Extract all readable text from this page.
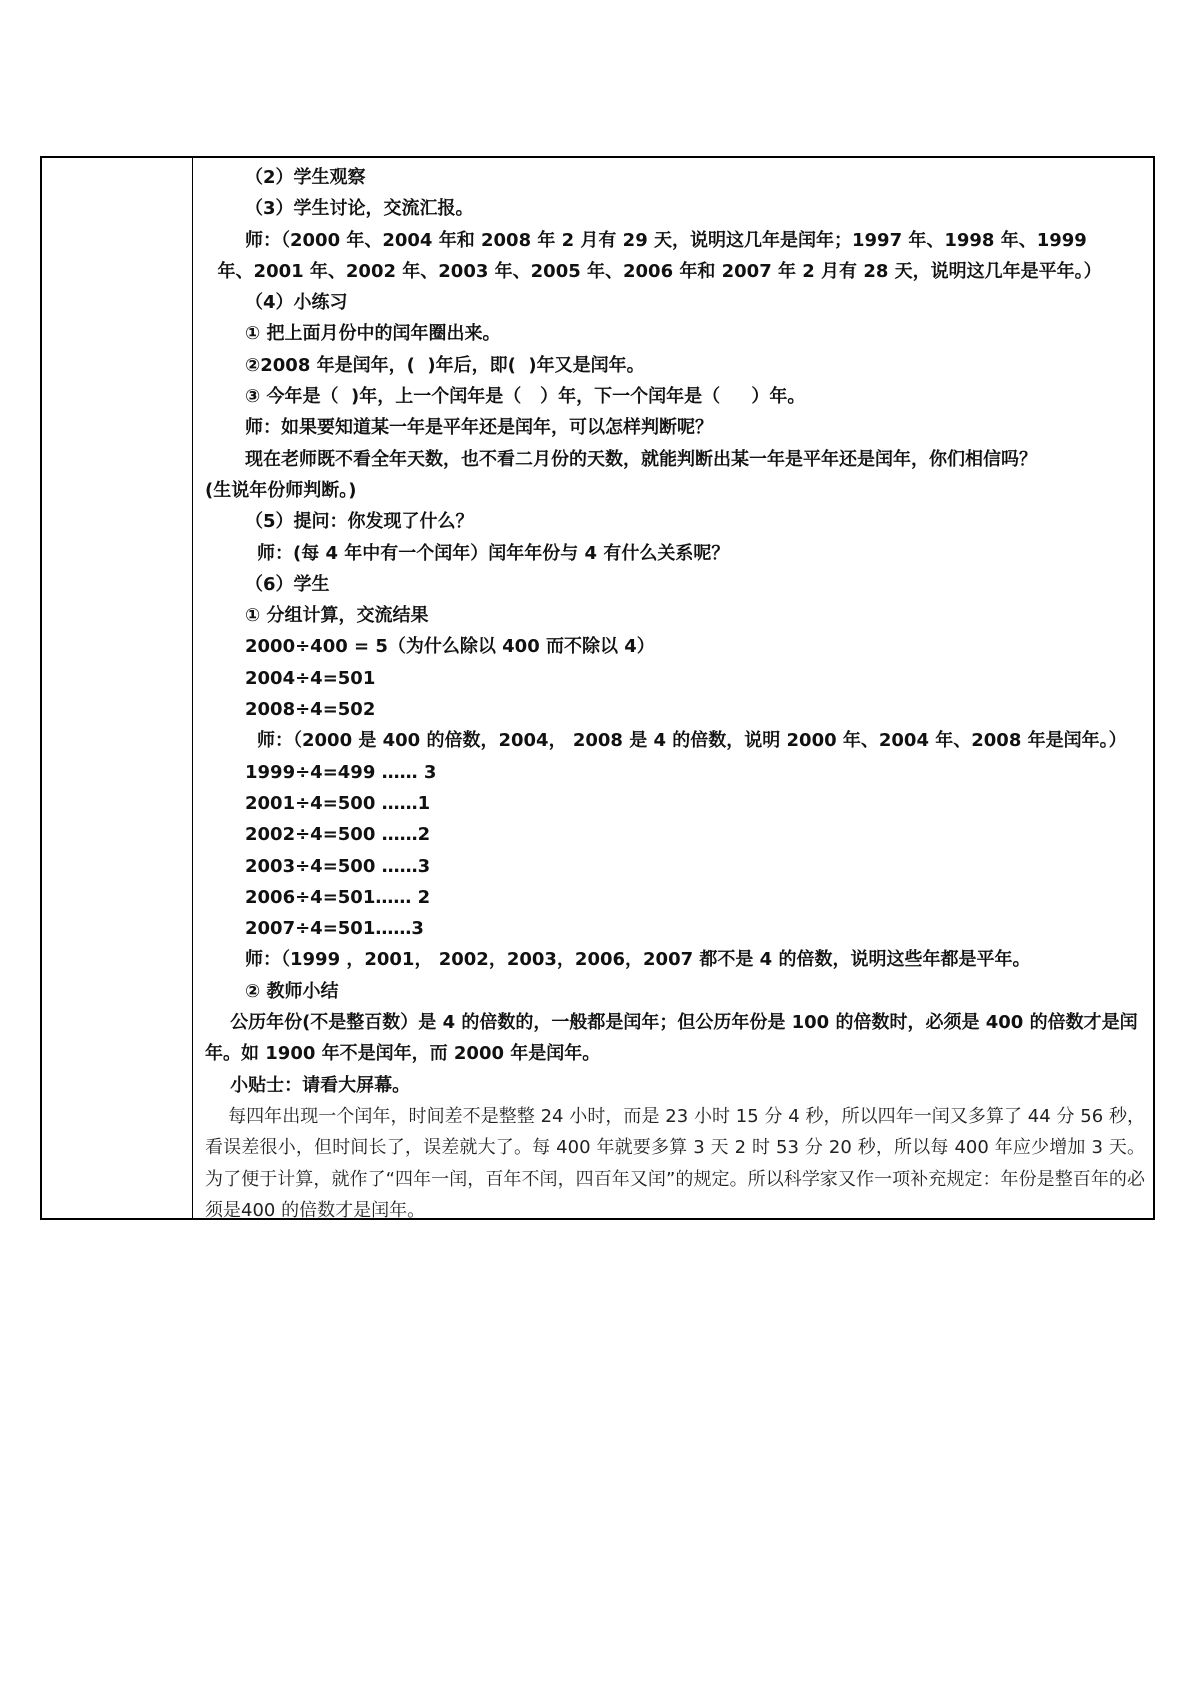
（2）学生观察

（3）学生讨论，交流汇报。

师：（2000 年、2004 年和 2008 年 2 月有 29 天，说明这几年是闰年；1997 年、1998 年、1999

年、2001 年、2002 年、2003 年、2005 年、2006 年和 2007 年 2 月有 28 天，说明这几年是平年。）

（4）小练习

① 把上面月份中的闰年圈出来。

②2008 年是闰年，(  )年后，即(  )年又是闰年。

③ 今年是（  )年，上一个闰年是（   ）年，下一个闰年是（     ）年。

师：如果要知道某一年是平年还是闰年，可以怎样判断呢？

现在老师既不看全年天数，也不看二月份的天数，就能判断出某一年是平年还是闰年，你们相信吗？

(生说年份师判断。)

（5）提问：你发现了什么？

师：(每 4 年中有一个闰年）闰年年份与 4 有什么关系呢？

（6）学生

① 分组计算，交流结果

2000÷400 = 5（为什么除以 400 而不除以 4）

2004÷4=501

2008÷4=502

师：（2000 是 400 的倍数，2004， 2008 是 4 的倍数，说明 2000 年、2004 年、2008 年是闰年。）

1999÷4=499 …… 3

2001÷4=500 ……1

2002÷4=500 ……2

2003÷4=500 ……3

2006÷4=501…… 2

2007÷4=501……3

师：（1999 ，2001， 2002，2003，2006，2007 都不是 4 的倍数，说明这些年都是平年。

② 教师小结

公历年份(不是整百数）是 4 的倍数的，一般都是闰年；但公历年份是 100 的倍数时，必须是 400 的倍数才是闰年。如 1900 年不是闰年，而 2000 年是闰年。

小贴士：请看大屏幕。

每四年出现一个闰年，时间差不是整整 24 小时，而是 23 小时 15 分 4 秒，所以四年一闰又多算了 44 分 56 秒，看误差很小，但时间长了，误差就大了。每 400 年就要多算 3 天 2 时 53 分 20 秒，所以每 400 年应少增加 3 天。为了便于计算，就作了“四年一闰，百年不闰，四百年又闰”的规定。所以科学家又作一项补充规定：年份是整百年的必须是400 的倍数才是闰年。
